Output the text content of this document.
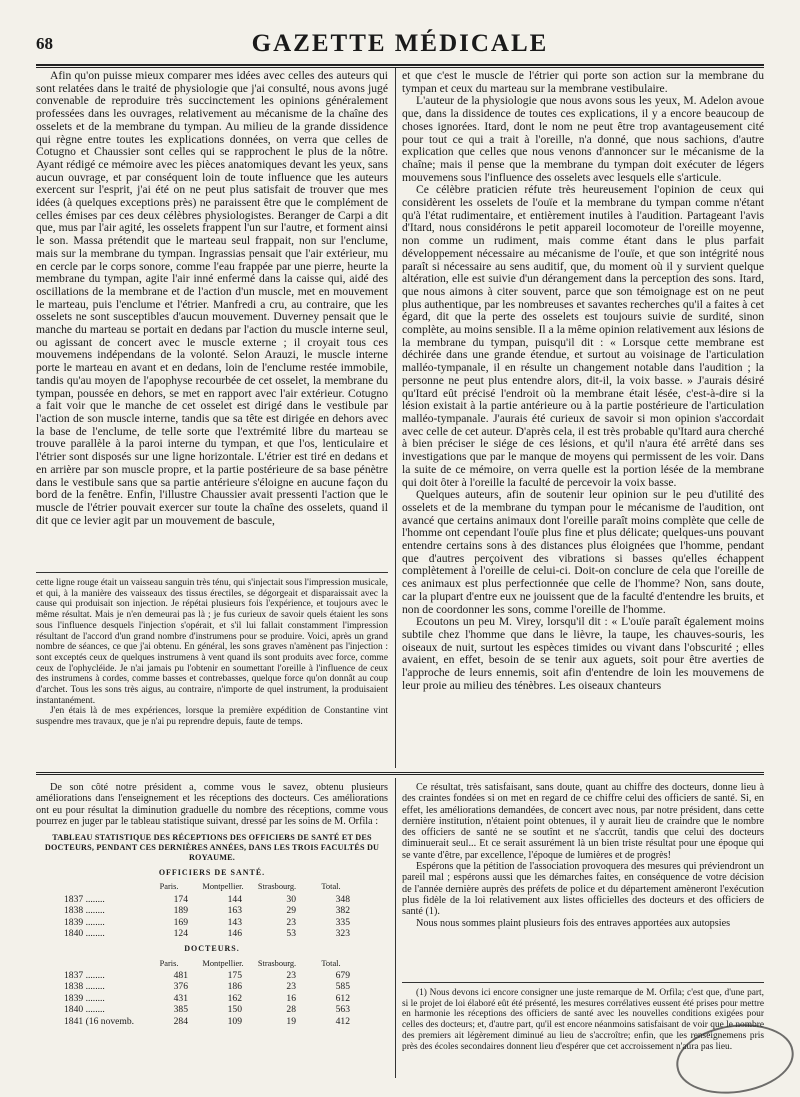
68	GAZETTE MÉDICALE

Afin qu'on puisse mieux comparer mes idées avec celles des auteurs qui sont relatées dans le traité de physiologie que j'ai consulté, nous avons jugé convenable de reproduire très succinctement les opinions généralement professées dans les ouvrages, relativement au mécanisme de la chaîne des osselets et de la membrane du tympan. Au milieu de la grande dissidence qui règne entre toutes les explications données, on verra que celles de Cotugno et Chaussier sont celles qui se rapprochent le plus de la nôtre. Ayant rédigé ce mémoire avec les pièces anatomiques devant les yeux, sans aucun ouvrage, et par conséquent loin de toute influence que les auteurs exercent sur l'esprit, j'ai été on ne peut plus satisfait de trouver que mes idées (à quelques exceptions près) ne paraissent être que le complément de celles émises par ces deux célèbres physiologistes. Beranger de Carpi a dit que, mus par l'air agité, les osselets frappent l'un sur l'autre, et forment ainsi le son. Massa prétendit que le marteau seul frappait, non sur l'enclume, mais sur la membrane du tympan. Ingrassias pensait que l'air extérieur, mu en cercle par le corps sonore, comme l'eau frappée par une pierre, heurte la membrane du tympan, agite l'air inné enfermé dans la caisse qui, aidé des oscillations de la membrane et de l'action d'un muscle, met en mouvement le marteau, puis l'enclume et l'étrier. Manfredi a cru, au contraire, que les osselets ne sont susceptibles d'aucun mouvement. Duverney pensait que le manche du marteau se portait en dedans par l'action du muscle interne seul, ou agissant de concert avec le muscle externe ; il croyait tous ces mouvemens indépendans de la volonté. Selon Arauzi, le muscle interne porte le marteau en avant et en dedans, loin de l'enclume restée immobile, tandis qu'au moyen de l'apophyse recourbée de cet osselet, la membrane du tympan, poussée en dehors, se met en rapport avec l'air extérieur. Cotugno a fait voir que le manche de cet osselet est dirigé dans le vestibule par l'action de son muscle interne, tandis que sa tête est dirigée en dehors avec la base de l'enclume, de telle sorte que l'extrémité libre du marteau se trouve parallèle à la paroi interne du tympan, et que l'os, lenticulaire et l'étrier sont disposés sur une ligne horizontale. L'étrier est tiré en dedans et en arrière par son muscle propre, et la partie postérieure de sa base pénètre dans le vestibule sans que sa partie antérieure s'éloigne en aucune façon du bord de la fenêtre. Enfin, l'illustre Chaussier avait pressenti l'action que le muscle de l'étrier pouvait exercer sur toute la chaîne des osselets, quand il dit que ce levier agit par un mouvement de bascule,

cette ligne rouge était un vaisseau sanguin très ténu, qui s'injectait sous l'impression musicale, et qui, à la manière des vaisseaux des tissus érectiles, se dégorgeait et disparaissait avec la cause qui produisait son injection. Je répétai plusieurs fois l'expérience, et toujours avec le même résultat. Mais je n'en demeurai pas là ; je fus curieux de savoir quels étaient les sons sous l'influence desquels l'injection s'opérait, et s'il lui fallait constamment l'impression résultant de l'accord d'un grand nombre d'instrumens pour se produire. Voici, après un grand nombre de séances, ce que j'ai obtenu. En général, les sons graves n'amènent pas l'injection : sont exceptés ceux de quelques instrumens à vent quand ils sont produits avec force, comme ceux de l'ophycléide. Je n'ai jamais pu l'obtenir en soumettant l'oreille à l'influence de ceux des instrumens à cordes, comme basses et contrebasses, quelque force qu'on donnât au coup d'archet. Tous les sons très aigus, au contraire, n'importe de quel instrument, la produisaient instantanément.

J'en étais là de mes expériences, lorsque la première expédition de Constantine vint suspendre mes travaux, que je n'ai pu reprendre depuis, faute de temps.

et que c'est le muscle de l'étrier qui porte son action sur la membrane du tympan et ceux du marteau sur la membrane vestibulaire.

L'auteur de la physiologie que nous avons sous les yeux, M. Adelon avoue que, dans la dissidence de toutes ces explications, il y a encore beaucoup de choses ignorées. Itard, dont le nom ne peut être trop avantageusement cité pour tout ce qui a trait à l'oreille, n'a donné, que nous sachions, d'autre explication que celles que nous venons d'annoncer sur le mécanisme de la chaîne; mais il pense que la membrane du tympan doit exécuter de légers mouvemens sous l'influence des osselets avec lesquels elle s'articule.

Ce célèbre praticien réfute très heureusement l'opinion de ceux qui considèrent les osselets de l'ouïe et la membrane du tympan comme n'étant qu'à l'état rudimentaire, et entièrement inutiles à l'audition. Partageant l'avis d'Itard, nous considérons le petit appareil locomoteur de l'oreille moyenne, non comme un rudiment, mais comme étant dans le plus parfait développement nécessaire au mécanisme de l'ouïe, et que son intégrité nous paraît si nécessaire au sens auditif, que, du moment où il y survient quelque altération, elle est suivie d'un dérangement dans la perception des sons. Itard, que nous aimons à citer souvent, parce que son témoignage est on ne peut plus authentique, par les nombreuses et savantes recherches qu'il a faites à cet égard, dit que la perte des osselets est toujours suivie de surdité, sinon complète, au moins sensible. Il a la même opinion relativement aux lésions de la membrane du tympan, puisqu'il dit : « Lorsque cette membrane est déchirée dans une grande étendue, et surtout au voisinage de l'articulation malléo-tympanale, il en résulte un changement notable dans l'audition ; la personne ne peut plus entendre alors, dit-il, la voix basse. » J'aurais désiré qu'Itard eût précisé l'endroit où la membrane était lésée, c'est-à-dire si la lésion existait à la partie antérieure ou à la partie postérieure de l'articulation malléo-tympanale. J'aurais été curieux de savoir si mon opinion s'accordait avec celle de cet auteur. D'après cela, il est très probable qu'Itard aura cherché à bien préciser le siége de ces lésions, et qu'il n'aura été arrêté dans ses investigations que par le manque de moyens qui permissent de les voir. Dans la suite de ce mémoire, on verra quelle est la portion lésée de la membrane qui doit ôter à l'oreille la faculté de percevoir la voix basse.

Quelques auteurs, afin de soutenir leur opinion sur le peu d'utilité des osselets et de la membrane du tympan pour le mécanisme de l'audition, ont avancé que certains animaux dont l'oreille paraît moins complète que celle de l'homme ont cependant l'ouïe plus fine et plus délicate; quelques-uns pouvant entendre certains sons à des distances plus éloignées que l'homme, pendant que d'autres perçoivent des vibrations si basses qu'elles échappent complètement à l'oreille de celui-ci. Doit-on conclure de cela que l'oreille de ces animaux est plus perfectionnée que celle de l'homme? Non, sans doute, car la plupart d'entre eux ne jouissent que de la faculté d'entendre les bruits, et non de coordonner les sons, comme l'oreille de l'homme.

Ecoutons un peu M. Virey, lorsqu'il dit : « L'ouïe paraît également moins subtile chez l'homme que dans le lièvre, la taupe, les chauves-souris, les oiseaux de nuit, surtout les espèces timides ou vivant dans l'obscurité ; elles avaient, en effet, besoin de se tenir aux aguets, soit pour être averties de l'approche de leurs ennemis, soit afin d'entendre de loin les mouvemens de leur proie au milieu des ténèbres. Les oiseaux chanteurs

De son côté notre président a, comme vous le savez, obtenu plusieurs améliorations dans l'enseignement et les réceptions des docteurs. Ces améliorations ont eu pour résultat la diminution graduelle du nombre des réceptions, comme vous pourrez en juger par le tableau statistique suivant, dressé par les soins de M. Orfila :

TABLEAU STATISTIQUE DES RÉCEPTIONS DES OFFICIERS DE SANTÉ ET DES DOCTEURS, PENDANT CES DERNIÈRES ANNÉES, DANS LES TROIS FACULTÉS DU ROYAUME.
OFFICIERS DE SANTÉ.
	Paris.	Montpellier.	Strasbourg.	Total.
1837 ........	174	144	30	348
1838 ........	189	163	29	382
1839 ........	169	143	23	335
1840 ........	124	146	53	323
DOCTEURS.
	Paris.	Montpellier.	Strasbourg.	Total.
1837 ........	481	175	23	679
1838 ........	376	186	23	585
1839 ........	431	162	16	612
1840 ........	385	150	28	563
1841 (16 novemb.	284	109	19	412

Ce résultat, très satisfaisant, sans doute, quant au chiffre des docteurs, donne lieu à des craintes fondées si on met en regard de ce chiffre celui des officiers de santé. Si, en effet, les améliorations demandées, de concert avec nous, par notre président, dans cette dernière institution, n'étaient point obtenues, il y aurait lieu de craindre que le nombre des officiers de santé ne se soutînt et ne s'accrût, tandis que celui des docteurs diminuerait seul... Et ce serait assurément là un bien triste résultat pour une époque qui se vante d'être, par excellence, l'époque de lumières et de progrès!

Espérons que la pétition de l'association provoquera des mesures qui préviendront un pareil mal ; espérons aussi que les démarches faites, en conséquence de votre décision de l'année dernière auprès des préfets de police et du département amèneront l'exécution plus fidèle de la loi relativement aux listes officielles des docteurs et des officiers de santé (1).

Nous nous sommes plaint plusieurs fois des entraves apportées aux autopsies

(1) Nous devons ici encore consigner une juste remarque de M. Orfila; c'est que, d'une part, si le projet de loi élaboré eût été présenté, les mesures corrélatives eussent été prises pour mettre en harmonie les réceptions des officiers de santé avec les nouvelles conditions exigées pour celles des docteurs; et, d'autre part, qu'il est encore néanmoins satisfaisant de voir que le nombre des premiers ait légèrement diminué au lieu de s'accroître; enfin, que les renseignemens pris près des écoles secondaires donnent lieu d'espérer que cet accroissement n'aura pas lieu.
